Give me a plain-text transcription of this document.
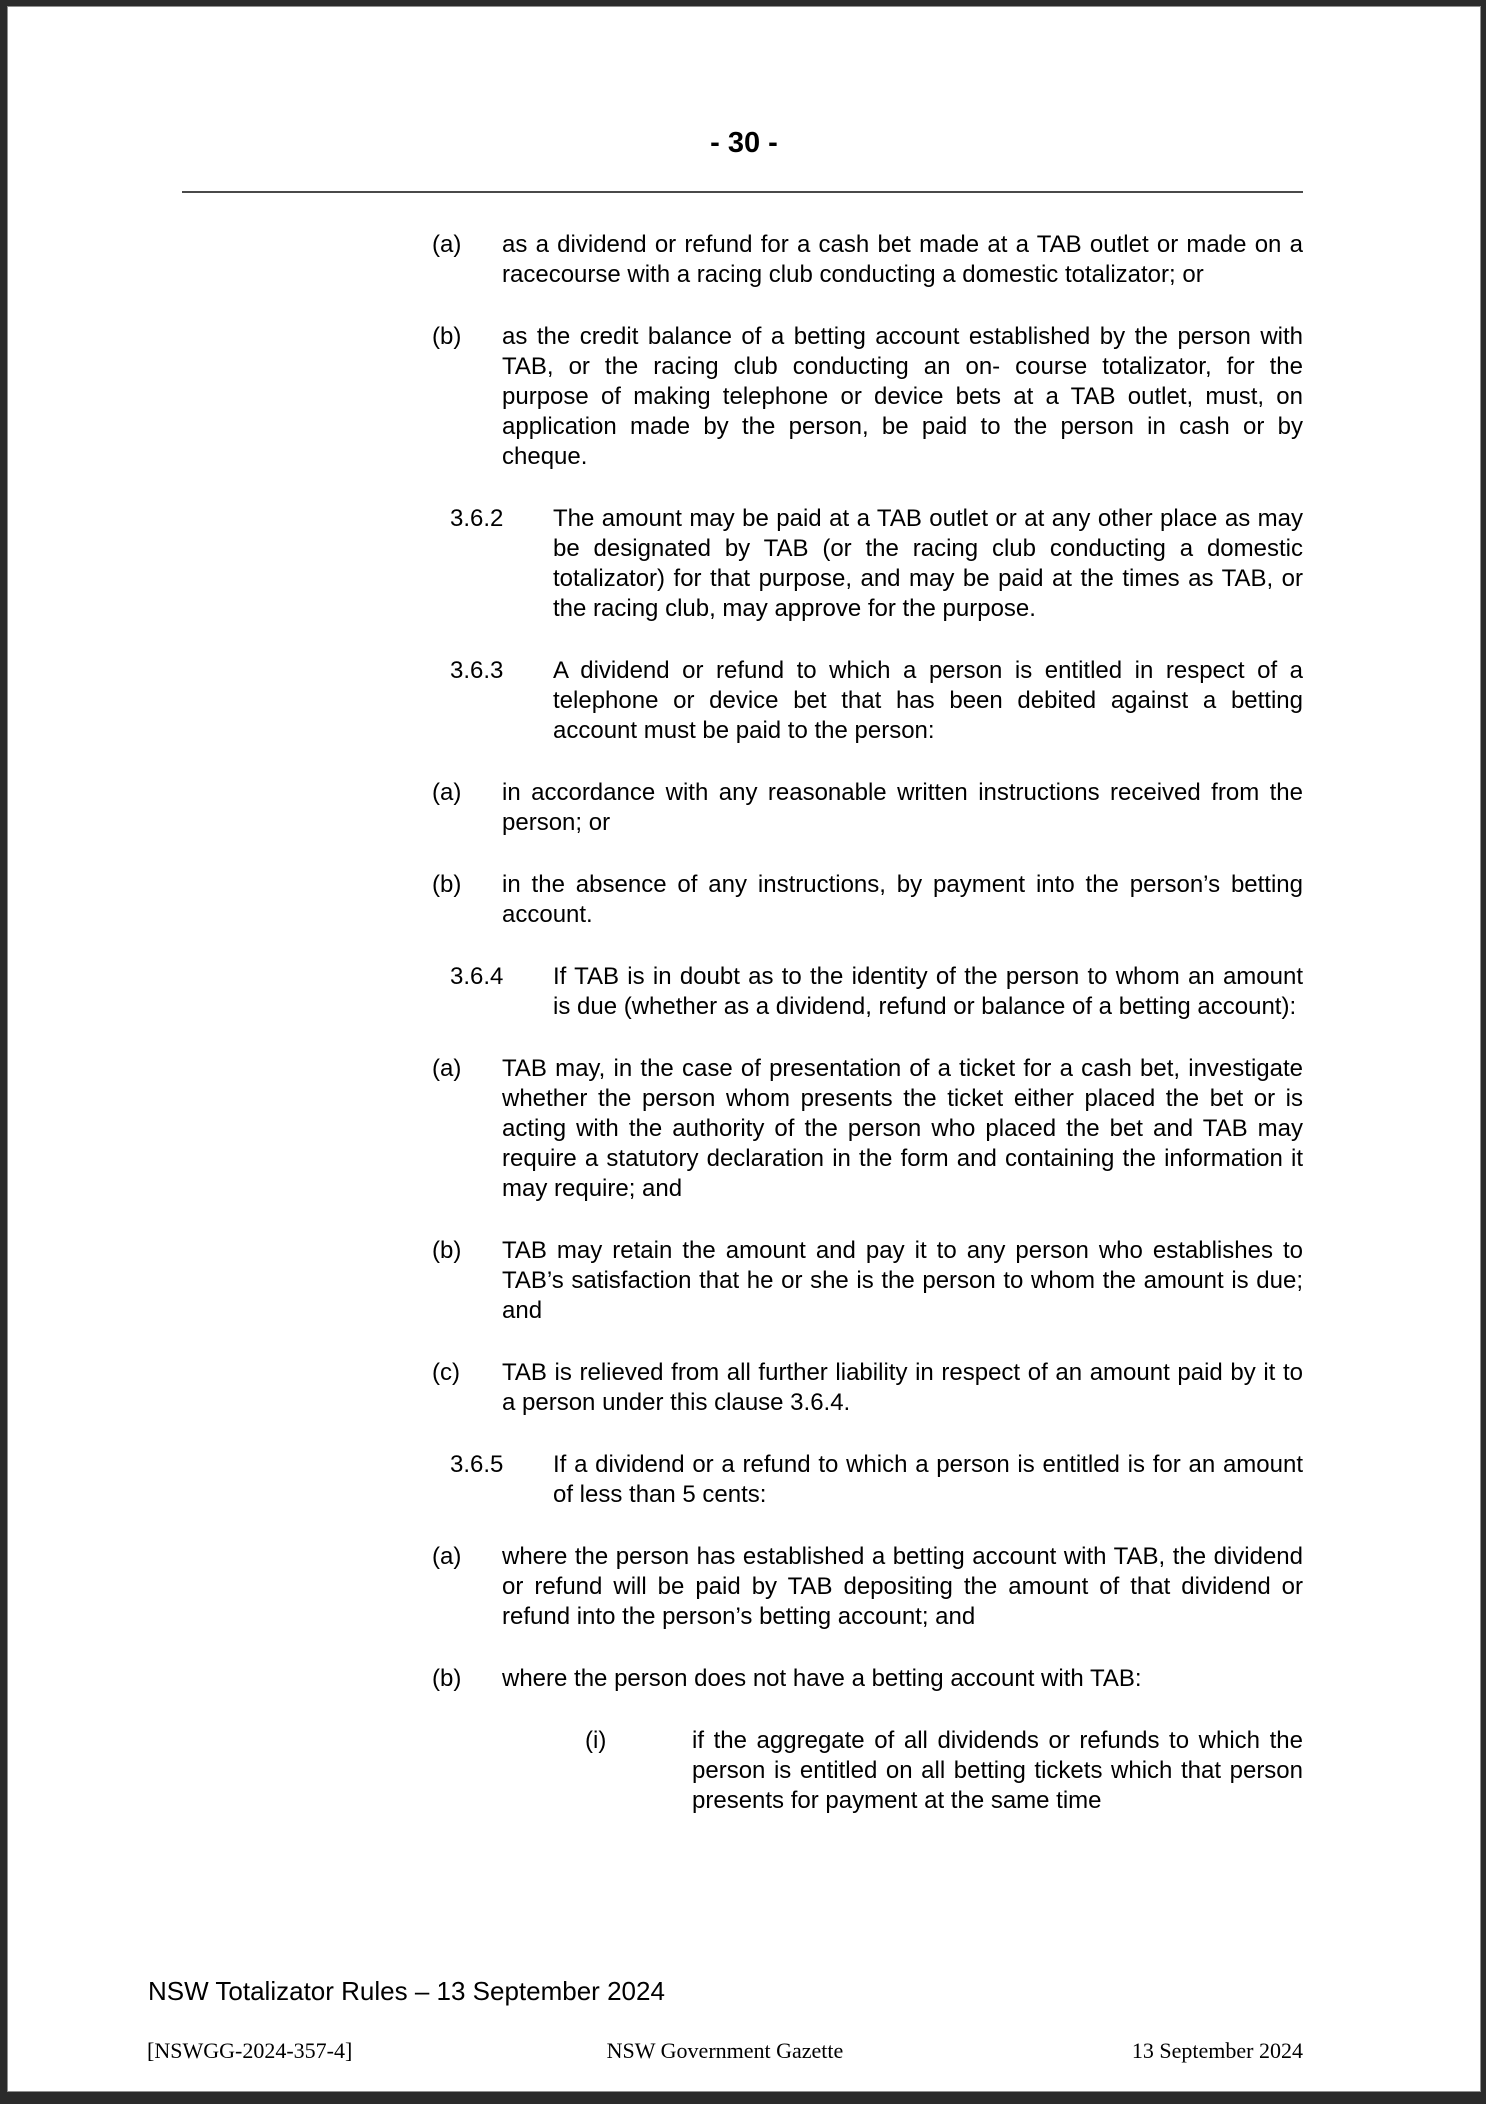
- 30 -
(a)	as a dividend or refund for a cash bet made at a TAB outlet or made on a racecourse with a racing club conducting a domestic totalizator; or
(b)	as the credit balance of a betting account established by the person with TAB, or the racing club conducting an on- course totalizator, for the purpose of making telephone or device bets at a TAB outlet, must, on application made by the person, be paid to the person in cash or by cheque.
3.6.2	The amount may be paid at a TAB outlet or at any other place as may be designated by TAB (or the racing club conducting a domestic totalizator) for that purpose, and may be paid at the times as TAB, or the racing club, may approve for the purpose.
3.6.3	A dividend or refund to which a person is entitled in respect of a telephone or device bet that has been debited against a betting account must be paid to the person:
(a)	in accordance with any reasonable written instructions received from the person; or
(b)	in the absence of any instructions, by payment into the person’s betting account.
3.6.4	If TAB is in doubt as to the identity of the person to whom an amount is due (whether as a dividend, refund or balance of a betting account):
(a)	TAB may, in the case of presentation of a ticket for a cash bet, investigate whether the person whom presents the ticket either placed the bet or is acting with the authority of the person who placed the bet and TAB may require a statutory declaration in the form and containing the information it may require; and
(b)	TAB may retain the amount and pay it to any person who establishes to TAB’s satisfaction that he or she is the person to whom the amount is due; and
(c)	TAB is relieved from all further liability in respect of an amount paid by it to a person under this clause 3.6.4.
3.6.5	If a dividend or a refund to which a person is entitled is for an amount of less than 5 cents:
(a)	where the person has established a betting account with TAB, the dividend or refund will be paid by TAB depositing the amount of that dividend or refund into the person’s betting account; and
(b)	where the person does not have a betting account with TAB:
(i)	if the aggregate of all dividends or refunds to which the person is entitled on all betting tickets which that person presents for payment at the same time
NSW Totalizator Rules – 13 September 2024
[NSWGG-2024-357-4]	NSW Government Gazette	13 September 2024
